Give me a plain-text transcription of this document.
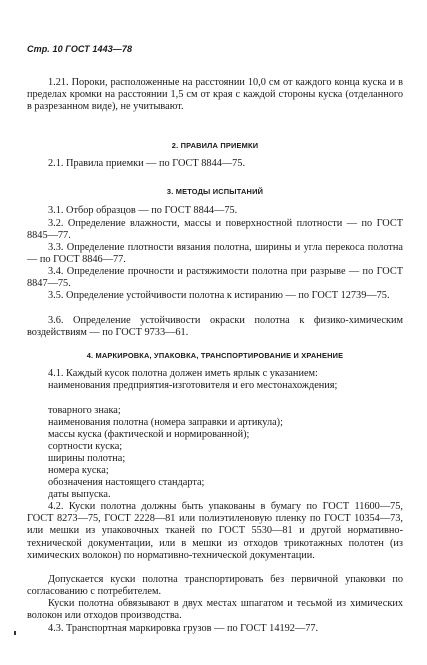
Стр. 10 ГОСТ 1443—78
1.21. Пороки, расположенные на расстоянии 10,0 см от каждого конца куска и в пределах кромки на расстоянии 1,5 см от края с каждой стороны куска (отделанного в разрезанном виде), не учитывают.
2. ПРАВИЛА ПРИЕМКИ
2.1. Правила приемки — по ГОСТ 8844—75.
3. МЕТОДЫ ИСПЫТАНИЙ
3.1. Отбор образцов — по ГОСТ 8844—75.
3.2. Определение влажности, массы и поверхностной плотности — по ГОСТ 8845—77.
3.3. Определение плотности вязания полотна, ширины и угла перекоса полотна — по ГОСТ 8846—77.
3.4. Определение прочности и растяжимости полотна при разрыве — по ГОСТ 8847—75.
3.5. Определение устойчивости полотна к истиранию — по ГОСТ 12739—75.
3.6. Определение устойчивости окраски полотна к физико-химическим воздействиям — по ГОСТ 9733—61.
4. МАРКИРОВКА, УПАКОВКА, ТРАНСПОРТИРОВАНИЕ И ХРАНЕНИЕ
4.1. Каждый кусок полотна должен иметь ярлык с указанием:
наименования предприятия-изготовителя и его местонахождения;
товарного знака;
наименования полотна (номера заправки и артикула);
массы куска (фактической и нормированной);
сортности куска;
ширины полотна;
номера куска;
обозначения настоящего стандарта;
даты выпуска.
4.2. Куски полотна должны быть упакованы в бумагу по ГОСТ 11600—75, ГОСТ 8273—75, ГОСТ 2228—81 или полиэтиленовую пленку по ГОСТ 10354—73, или мешки из упаковочных тканей по ГОСТ 5530—81 и другой нормативно-технической документации, или в мешки из отходов трикотажных полотен (из химических волокон) по нормативно-технической документации.
Допускается куски полотна транспортировать без первичной упаковки по согласованию с потребителем.
Куски полотна обвязывают в двух местах шпагатом и тесьмой из химических волокон или отходов производства.
4.3. Транспортная маркировка грузов — по ГОСТ 14192—77.
